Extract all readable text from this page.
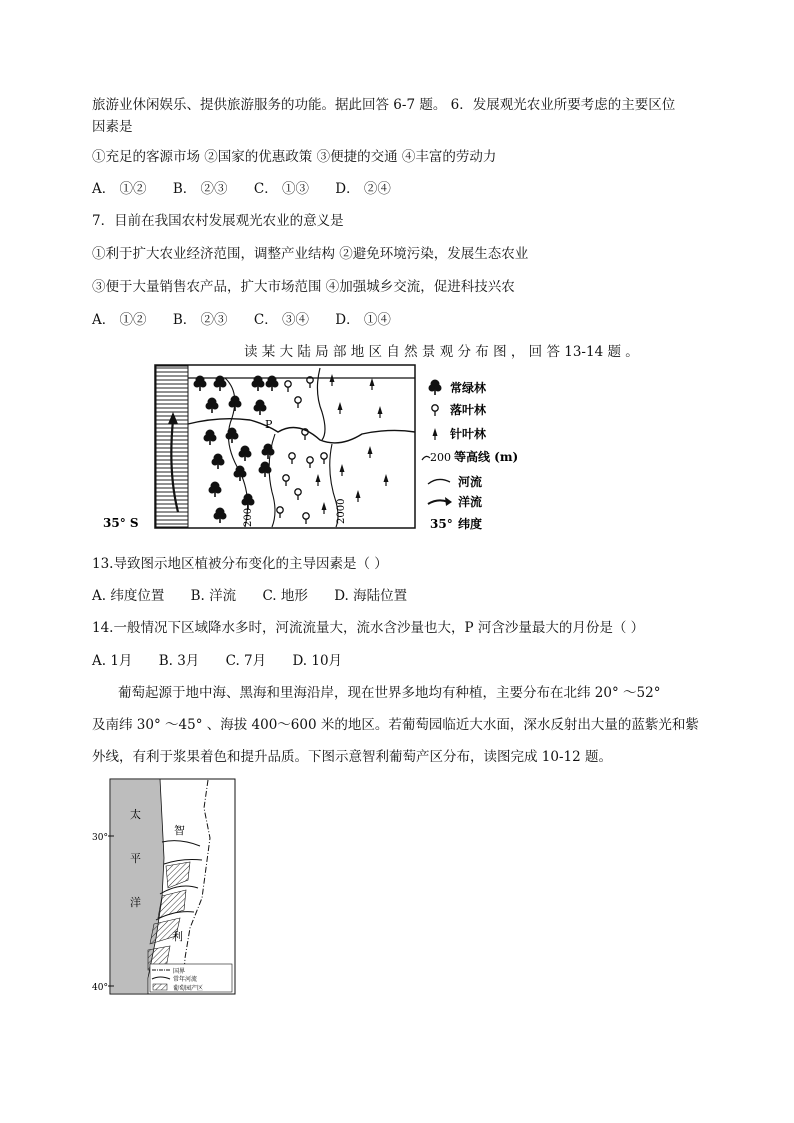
旅游业休闲娱乐、提供旅游服务的功能。据此回答 6-7 题。 6．发展观光农业所要考虑的主要区位
因素是
①充足的客源市场 ②国家的优惠政策 ③便捷的交通 ④丰富的劳动力
A． ①② B． ②③ C． ①③ D． ②④
7．目前在我国农村发展观光农业的意义是
①利于扩大农业经济范围，调整产业结构 ②避免环境污染，发展生态农业
③便于大量销售农产品，扩大市场范围 ④加强城乡交流，促进科技兴农
A． ①② B． ②③ C． ③④ D． ①④
读 某 大 陆 局 部 地 区 自 然 景 观 分 布 图 ， 回 答 13-14 题 。
P
200	2000
35° S
常绿林
落叶林
针叶林
200 等高线 (m)
河流
洋流
35° 纬度
13.导致图示地区植被分布变化的主导因素是（ ）
A. 纬度位置 B. 洋流 C. 地形 D. 海陆位置
14.一般情况下区域降水多时，河流流量大，流水含沙量也大，P 河含沙量最大的月份是（ ）
A. 1月 B. 3月 C. 7月 D. 10月
葡萄起源于地中海、黑海和里海沿岸，现在世界多地均有种植，主要分布在北纬 20° ～52°
及南纬 30° ～45° 、海拔 400～600 米的地区。若葡萄园临近大水面，深水反射出大量的蓝紫光和紫
外线，有利于浆果着色和提升品质。下图示意智利葡萄产区分布，读图完成 10-12 题。
30°
40°
太
平
洋
智
利
国界
常年河流
葡萄园产区
